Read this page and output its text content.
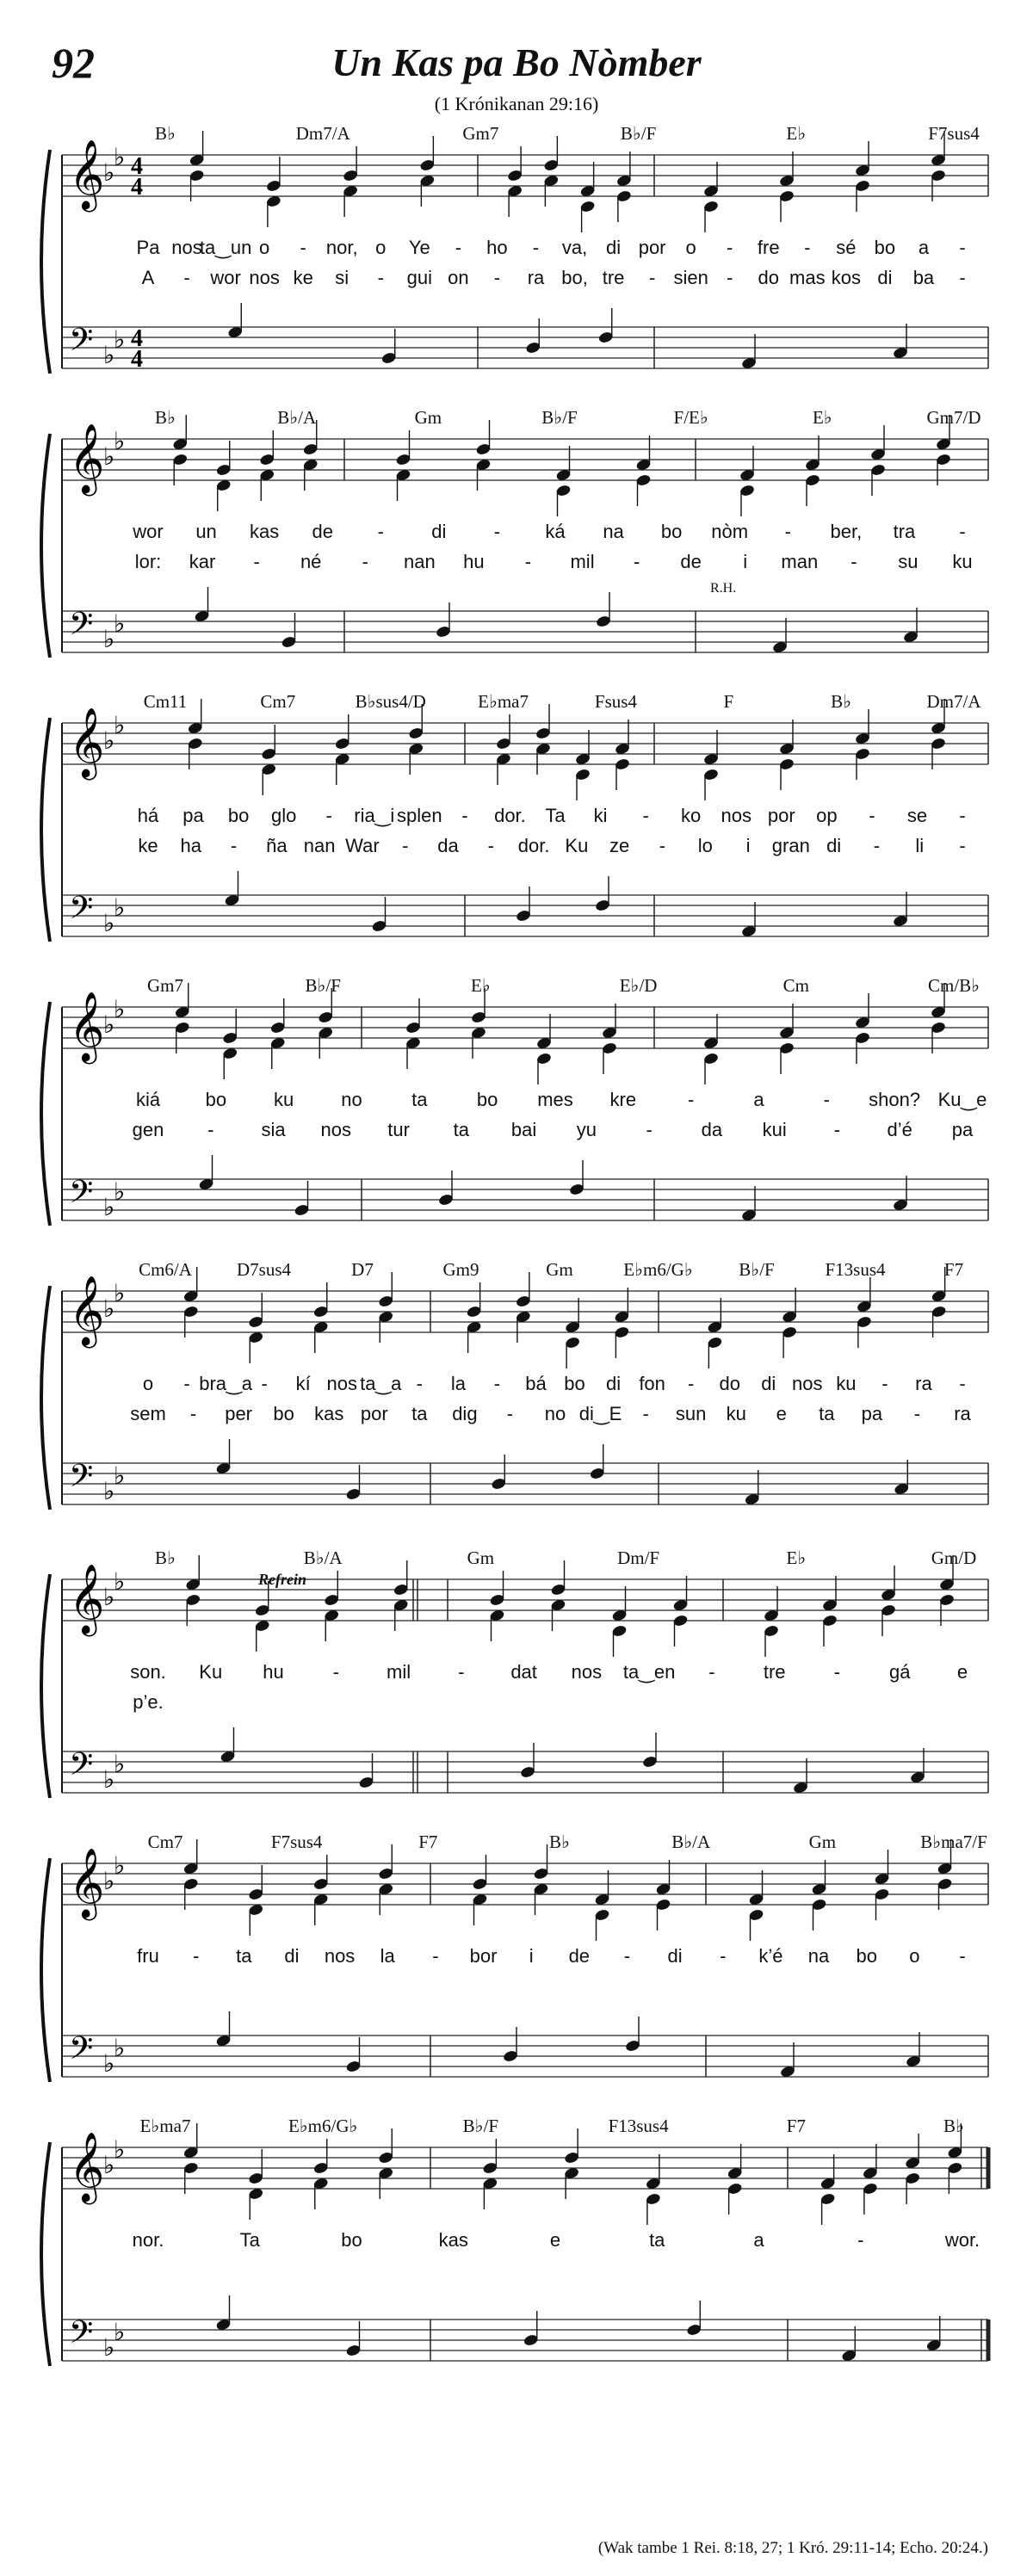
92	Un Kas pa Bo Nòmber
(1 Krónikanan 29:16)
𝄞
♭
♭
𝄢 ♭
♭
4
4
4
4
B♭	Dm7/A	Gm7	B♭/F	E♭	F7sus4
Pa nos
ta‿un o - nor, o Ye - ho - va, di por o - fre - sé bo a -
A - wor nos ke si - gui on - ra bo, tre - sien - do mas kos di ba -
𝄞
♭
♭
𝄢 ♭
♭
B♭	B♭/A	Gm	B♭/F	F/E♭	E♭	Gm7/D
wor un kas de -	di	- ká na bo nòm - ber, tra -
lor: kar - né - nan hu - mil - de i man - su ku
R.H.
𝄞
♭
♭
𝄢 ♭
♭
Cm11	Cm7	B♭sus4/D	E♭ma7	Fsus4	F	B♭	Dm7/A
há pa bo glo - ria‿i splen - dor. Ta ki - ko nos por op - se -
ke ha - ña nan War - da - dor. Ku ze - lo i gran di - li -
𝄞
♭
♭
𝄢 ♭
♭
Gm7	B♭/F	E♭	E♭/D	Cm	Cm/B♭
kiá bo ku no	ta	bo mes kre	-	a	- shon? Ku‿e
gen -	sia nos tur ta bai yu	-	da kui	- d’é pa
𝄞
♭
♭
𝄢 ♭
♭
Cm6/A D7sus4	D7	Gm9	Gm	E♭m6/G♭	B♭/F	F13sus4	F7
o - bra‿a - kí nos ta‿a - la - bá bo di fon - do di nos ku - ra -
sem - per bo kas por ta dig - no di‿E - sun ku e ta pa - ra
𝄞
♭
♭
𝄢 ♭
♭
B♭	B♭/A	Gm	Dm/F	E♭	Gm/D
son. Ku hu	-	mil	- dat nos ta‿en -	tre	-	gá e
p’e.
Refrein
𝄞
♭
♭
𝄢 ♭
♭
Cm7	F7sus4	F7	B♭	B♭/A	Gm	B♭ma7/F
fru - ta di nos la - bor i de - di - k’é na bo o -
𝄞
♭
♭
𝄢 ♭
♭
E♭ma7	E♭m6/G♭	B♭/F	F13sus4	F7	B♭
nor.	Ta	bo	kas	e	ta	a	-	wor.
(Wak tambe 1 Rei. 8:18, 27; 1 Kró. 29:11-14; Echo. 20:24.)
